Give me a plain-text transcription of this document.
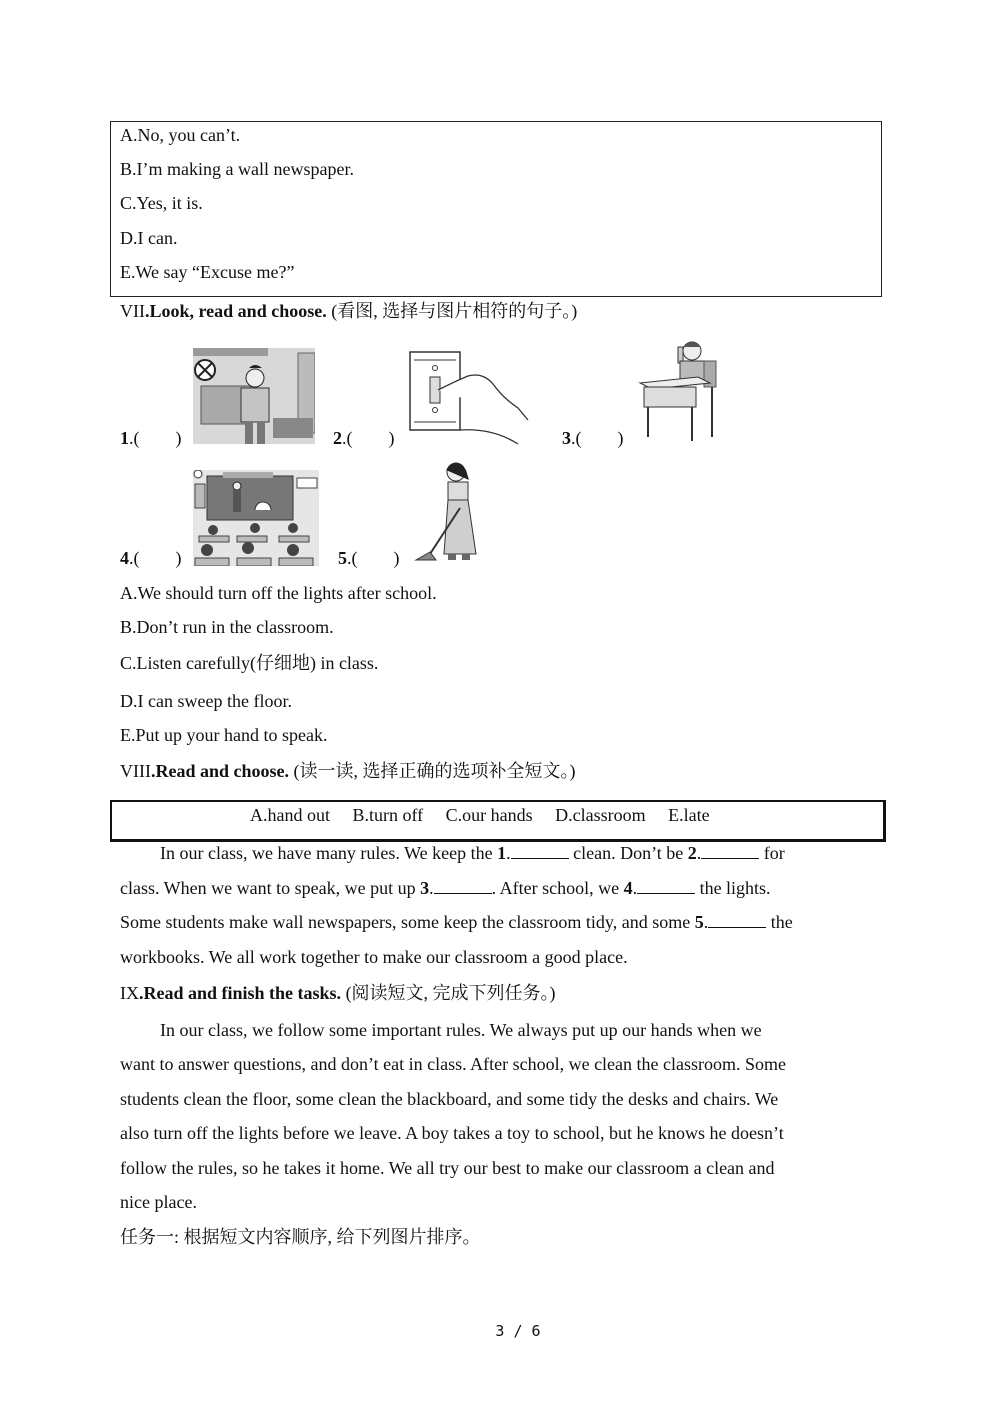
A.No, you can’t.
B.I’m making a wall newspaper.
C.Yes, it is.
D.I can.
E.We say “Excuse me?”
VII.Look, read and choose. (看图, 选择与图片相符的句子。)
1.(        )	2.(        )	3.(        )
4.(        )	5.(        )
A.We should turn off the lights after school.
B.Don’t run in the classroom.
C.Listen carefully(仔细地) in class.
D.I can sweep the floor.
E.Put up your hand to speak.
VIII.Read and choose. (读一读, 选择正确的选项补全短文。)
A.hand out B.turn off C.our hands D.classroom E.late
In our class, we have many rules. We keep the 1.	clean. Don’t be 2.	for
class. When we want to speak, we put up 3.	. After school, we 4.	the lights.
Some students make wall newspapers, some keep the classroom tidy, and some 5.	the
workbooks. We all work together to make our classroom a good place.
IX.Read and finish the tasks. (阅读短文, 完成下列任务。)
In our class, we follow some important rules. We always put up our hands when we
want to answer questions, and don’t eat in class. After school, we clean the classroom. Some
students clean the floor, some clean the blackboard, and some tidy the desks and chairs. We
also turn off the lights before we leave. A boy takes a toy to school, but he knows he doesn’t
follow the rules, so he takes it home. We all try our best to make our classroom a clean and
nice place.
任务一: 根据短文内容顺序, 给下列图片排序。
3 / 6
